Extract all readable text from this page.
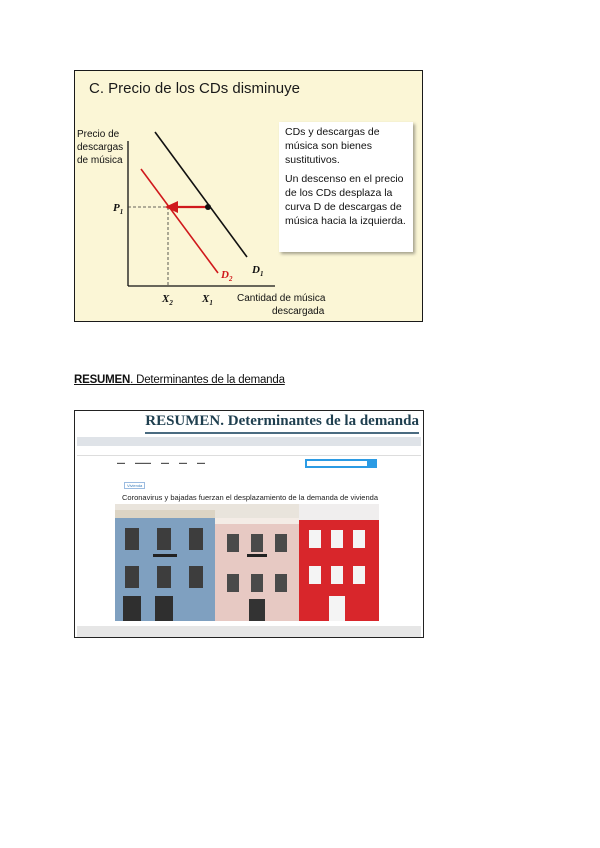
C. Precio de los CDs disminuye
Precio de
descargas
de música
$P_1$
$X_2$	$X_1$
$D_1$
$D_2$
Cantidad de música
descargada

CDs y descargas de música son bienes sustitutivos.

Un descenso en el precio de los CDs desplaza la curva D de descargas de música hacia la izquierda.

RESUMEN. Determinantes de la demanda
RESUMEN. Determinantes de la demanda
▬▬	▬▬▬▬	▬▬	▬▬	▬▬
Vivienda
Coronavirus y bajadas fuerzan el desplazamiento de la demanda de vivienda
